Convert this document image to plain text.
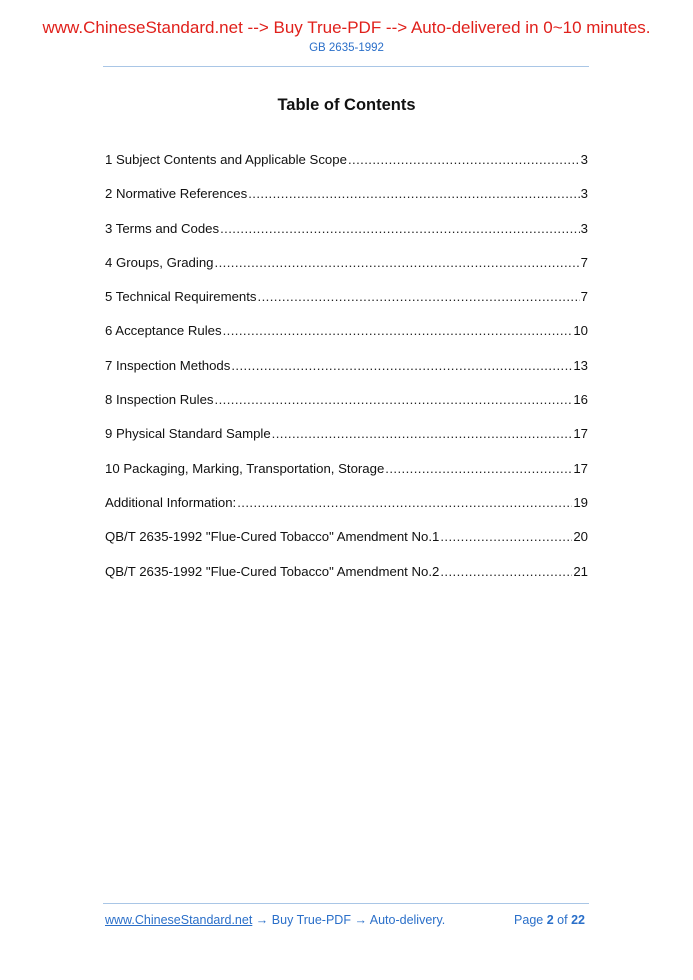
www.ChineseStandard.net --> Buy True-PDF --> Auto-delivered in 0~10 minutes.
GB 2635-1992
Table of Contents
1 Subject Contents and Applicable Scope .....	3
2 Normative References .....	3
3 Terms and Codes .....	3
4 Groups, Grading .....	7
5 Technical Requirements .....	7
6 Acceptance Rules .....	10
7 Inspection Methods .....	13
8 Inspection Rules .....	16
9 Physical Standard Sample .....	17
10 Packaging, Marking, Transportation, Storage .....	17
Additional Information: .....	19
QB/T 2635-1992 "Flue-Cured Tobacco" Amendment No.1 .....	20
QB/T 2635-1992 "Flue-Cured Tobacco" Amendment No.2 .....	21
www.ChineseStandard.net → Buy True-PDF → Auto-delivery.	Page 2 of 22
